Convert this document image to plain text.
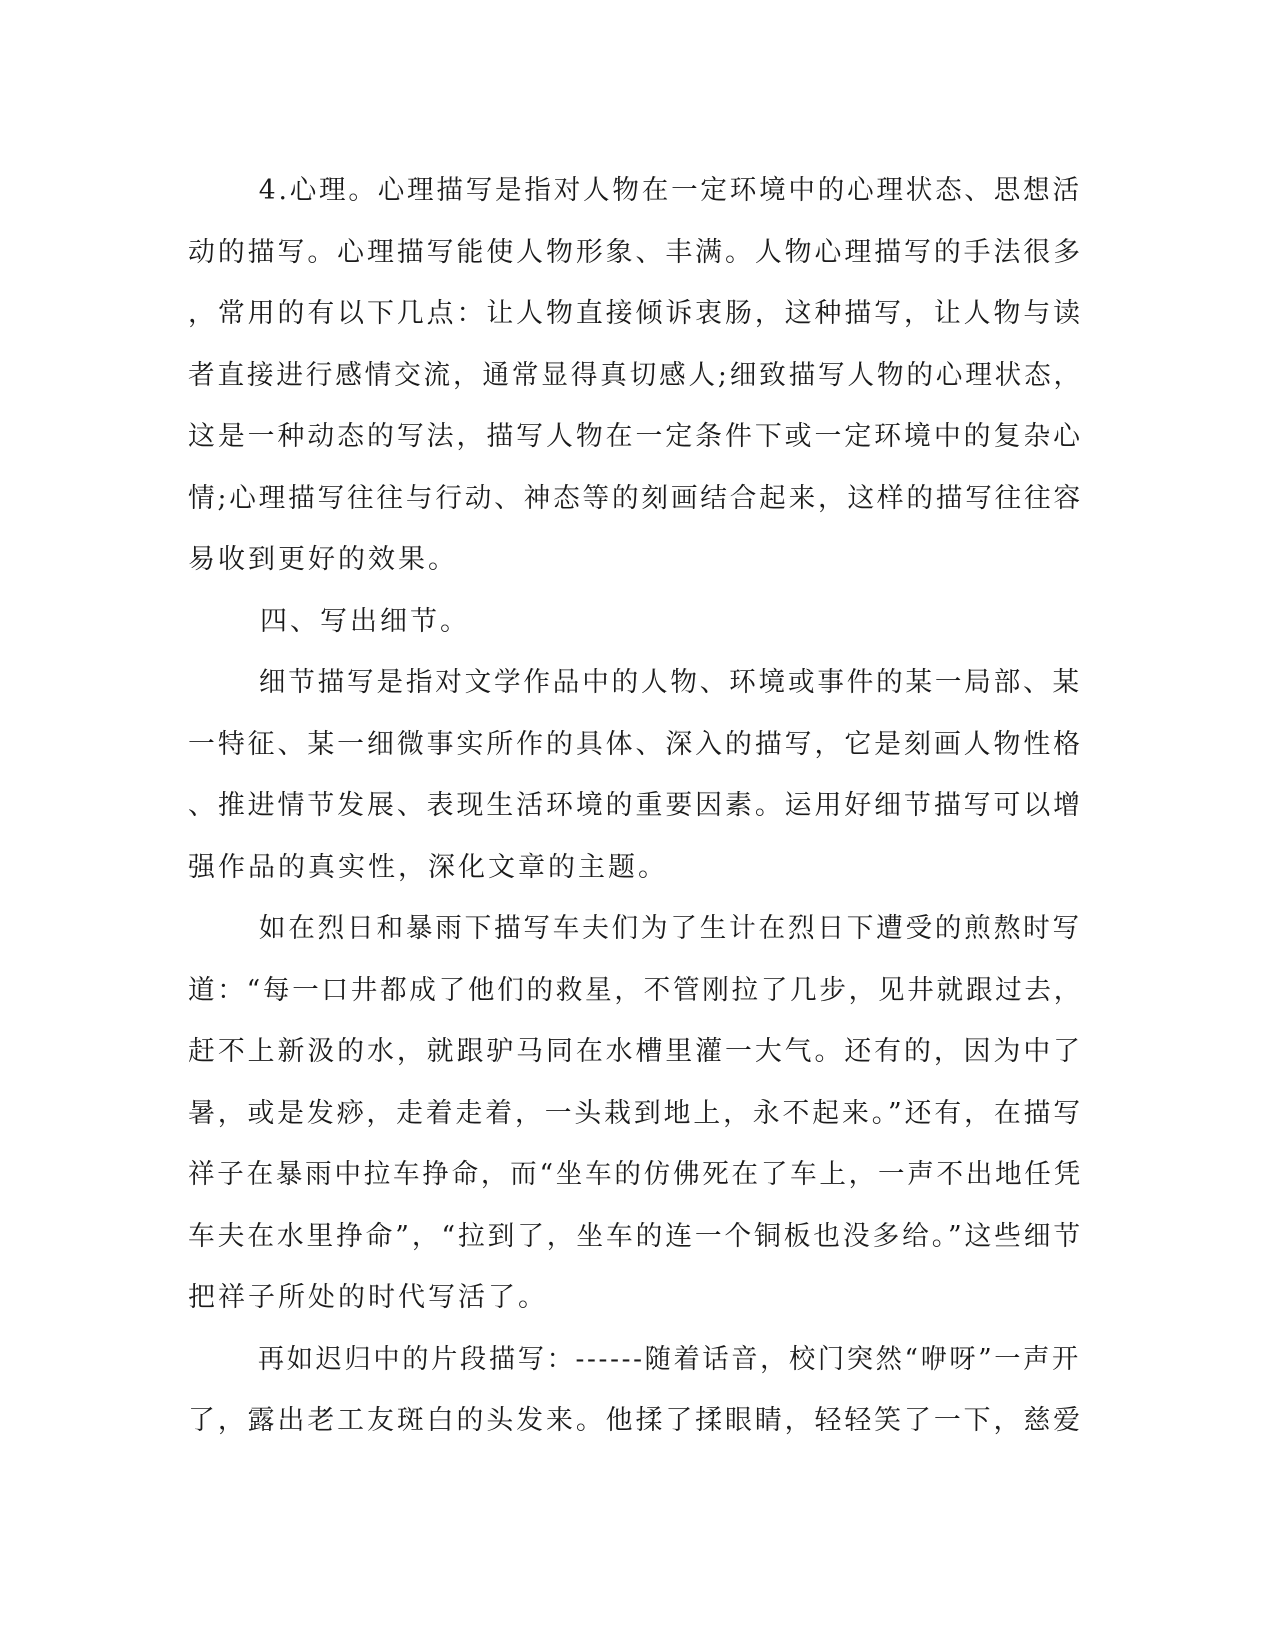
4.心理。心理描写是指对人物在一定环境中的心理状态、思想活
动的描写。心理描写能使人物形象、丰满。人物心理描写的手法很多
，常用的有以下几点：让人物直接倾诉衷肠，这种描写，让人物与读
者直接进行感情交流，通常显得真切感人;细致描写人物的心理状态，
这是一种动态的写法，描写人物在一定条件下或一定环境中的复杂心
情;心理描写往往与行动、神态等的刻画结合起来，这样的描写往往容
易收到更好的效果。
四、写出细节。
细节描写是指对文学作品中的人物、环境或事件的某一局部、某
一特征、某一细微事实所作的具体、深入的描写，它是刻画人物性格
、推进情节发展、表现生活环境的重要因素。运用好细节描写可以增
强作品的真实性，深化文章的主题。
如在烈日和暴雨下描写车夫们为了生计在烈日下遭受的煎熬时写
道：“每一口井都成了他们的救星，不管刚拉了几步，见井就跟过去，
赶不上新汲的水，就跟驴马同在水槽里灌一大气。还有的，因为中了
暑，或是发痧，走着走着，一头栽到地上，永不起来。”还有，在描写
祥子在暴雨中拉车挣命，而“坐车的仿佛死在了车上，一声不出地任凭
车夫在水里挣命”，“拉到了，坐车的连一个铜板也没多给。”这些细节
把祥子所处的时代写活了。
再如迟归中的片段描写：------随着话音，校门突然“咿呀”一声开
了，露出老工友斑白的头发来。他揉了揉眼睛，轻轻笑了一下，慈爱
